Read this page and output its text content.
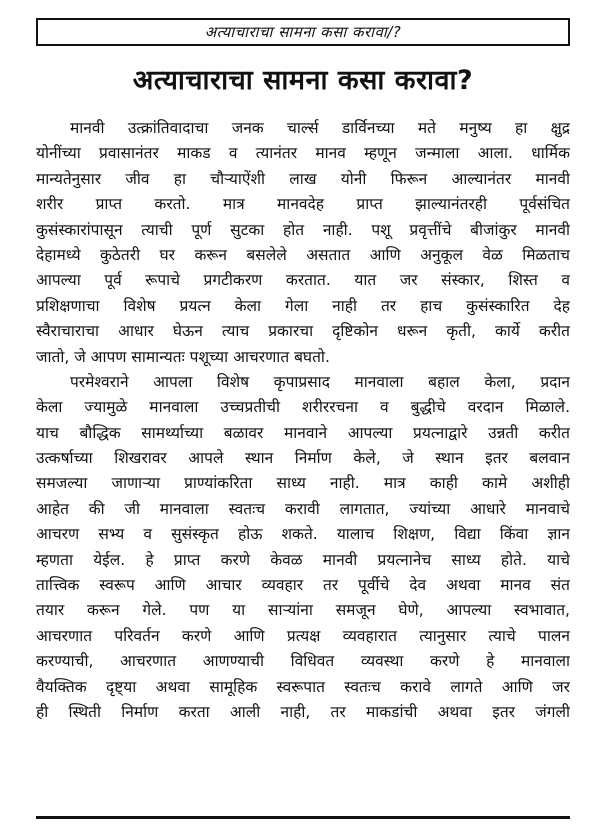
अत्याचाराचा सामना कसा करावा/?
अत्याचाराचा सामना कसा करावा?
मानवी उत्क्रांतिवादाचा जनक चार्ल्स डार्विनच्या मते मनुष्य हा क्षुद्र
योनींच्या प्रवासानंतर माकड व त्यानंतर मानव म्हणून जन्माला आला. धार्मिक
मान्यतेनुसार जीव हा चौऱ्याऐंशी लाख योनी फिरून आल्यानंतर मानवी
शरीर प्राप्त करतो. मात्र मानवदेह प्राप्त झाल्यानंतरही पूर्वसंचित
कुसंस्कारांपासून त्याची पूर्ण सुटका होत नाही. पशू प्रवृत्तींचे बीजांकुर मानवी
देहामध्ये कुठेतरी घर करून बसलेले असतात आणि अनुकूल वेळ मिळताच
आपल्या पूर्व रूपाचे प्रगटीकरण करतात. यात जर संस्कार, शिस्त व
प्रशिक्षणाचा विशेष प्रयत्न केला गेला नाही तर हाच कुसंस्कारित देह
स्वैराचाराचा आधार घेऊन त्याच प्रकारचा दृष्टिकोन धरून कृती, कार्ये करीत
जातो, जे आपण सामान्यतः पशूच्या आचरणात बघतो.
परमेश्वराने आपला विशेष कृपाप्रसाद मानवाला बहाल केला, प्रदान
केला ज्यामुळे मानवाला उच्चप्रतीची शरीररचना व बुद्धीचे वरदान मिळाले.
याच बौद्धिक सामर्थ्याच्या बळावर मानवाने आपल्या प्रयत्नाद्वारे उन्नती करीत
उत्कर्षाच्या शिखरावर आपले स्थान निर्माण केले, जे स्थान इतर बलवान
समजल्या जाणाऱ्या प्राण्यांकरिता साध्य नाही. मात्र काही कामे अशीही
आहेत की जी मानवाला स्वतःच करावी लागतात, ज्यांच्या आधारे मानवाचे
आचरण सभ्य व सुसंस्कृत होऊ शकते. यालाच शिक्षण, विद्या किंवा ज्ञान
म्हणता येईल. हे प्राप्त करणे केवळ मानवी प्रयत्नानेच साध्य होते. याचे
तात्त्विक स्वरूप आणि आचार व्यवहार तर पूर्वीचे देव अथवा मानव संत
तयार करून गेले. पण या साऱ्यांना समजून घेणे, आपल्या स्वभावात,
आचरणात परिवर्तन करणे आणि प्रत्यक्ष व्यवहारात त्यानुसार त्याचे पालन
करण्याची, आचरणात आणण्याची विधिवत व्यवस्था करणे हे मानवाला
वैयक्तिक दृष्ट्या अथवा सामूहिक स्वरूपात स्वतःच करावे लागते आणि जर
ही स्थिती निर्माण करता आली नाही, तर माकडांची अथवा इतर जंगली
